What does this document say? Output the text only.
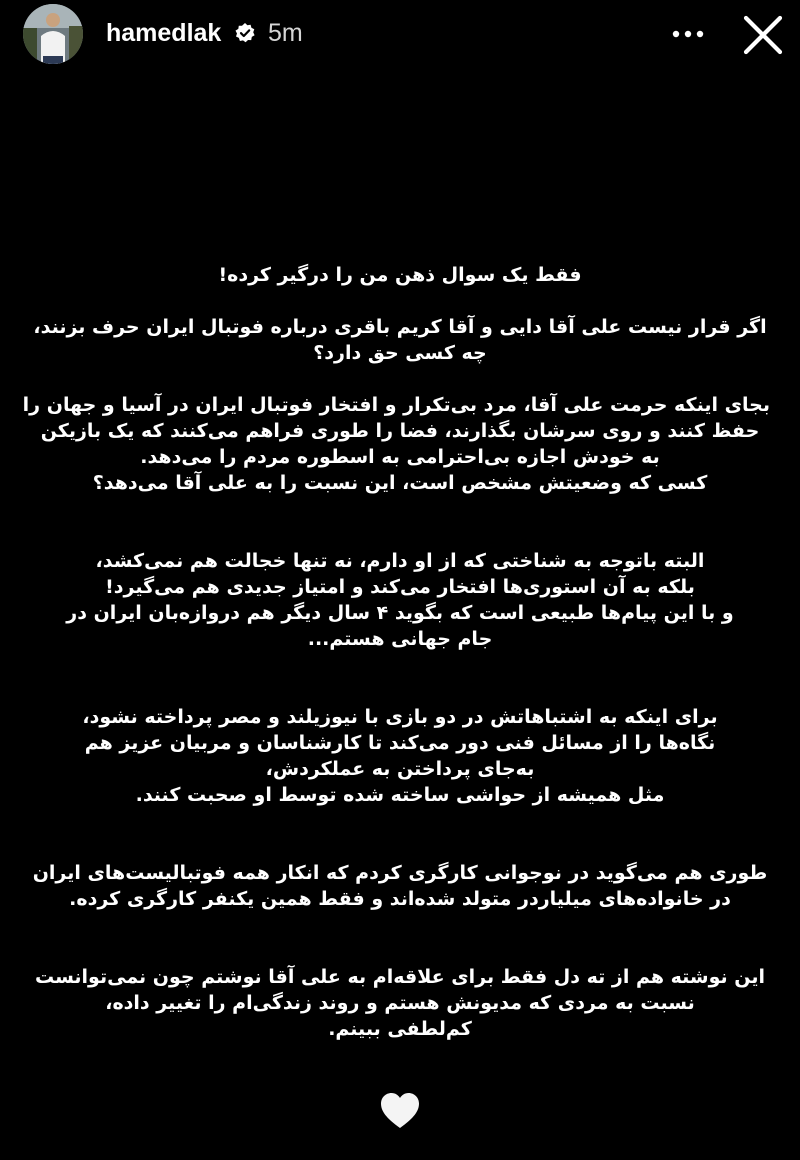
hamedlak 5m

فقط یک سوال ذهن من را درگیر کرده!

اگر قرار نیست علی آقا دایی و آقا کریم باقری درباره فوتبال ایران حرف بزنند،
چه کسی حق دارد؟

بجای اینکه حرمت علی آقا، مرد بی‌تکرار و افتخار فوتبال ایران در آسیا و جهان را
حفظ کنند و روی سرشان بگذارند، فضا را طوری فراهم می‌کنند که یک بازیکن
به خودش اجازه بی‌احترامی به اسطوره مردم را می‌دهد.
کسی که وضعیتش مشخص است، این نسبت را به علی آقا می‌دهد؟

البته باتوجه به شناختی که از او دارم، نه تنها خجالت هم نمی‌کشد،
بلکه به آن استوری‌ها افتخار می‌کند و امتیاز جدیدی هم می‌گیرد!
و با این پیام‌ها طبیعی است که بگوید ۴ سال دیگر هم دروازه‌بان ایران در
جام جهانی هستم...

برای اینکه به اشتباهاتش در دو بازی با نیوزیلند و مصر پرداخته نشود،
نگاه‌ها را از مسائل فنی دور می‌کند تا کارشناسان و مربیان عزیز هم
به‌جای پرداختن به عملکردش،
مثل همیشه از حواشی ساخته شده توسط او صحبت کنند.

طوری هم می‌گوید در نوجوانی کارگری کردم که انکار همه فوتبالیست‌های ایران
در خانواده‌های میلیاردر متولد شده‌اند و فقط همین یکنفر کارگری کرده.

این نوشته هم از ته دل فقط برای علاقه‌ام به علی آقا نوشتم چون نمی‌توانست
نسبت به مردی که مدیونش هستم و روند زندگی‌ام را تغییر داده،
کم‌لطفی ببینم.
